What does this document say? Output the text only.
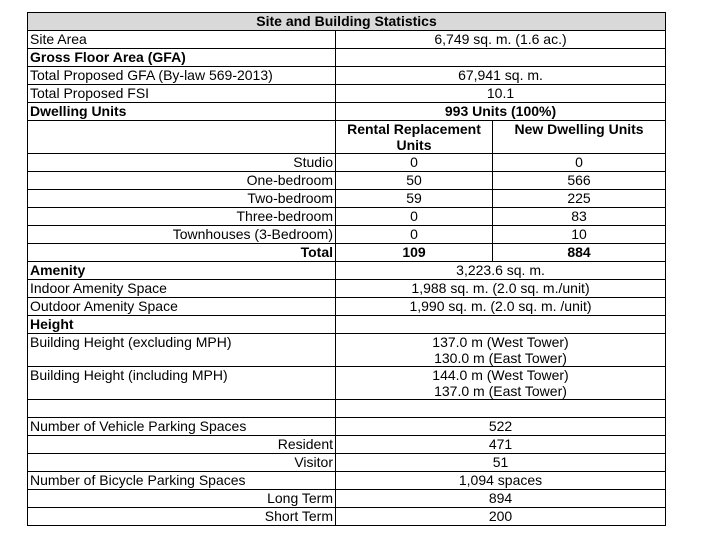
Site and Building Statistics		
Site Area	6,749 sq. m. (1.6 ac.)	
Gross Floor Area (GFA)		
Total Proposed GFA (By-law 569-2013)	67,941 sq. m.	
Total Proposed FSI	10.1	
Dwelling Units	993 Units (100%)	
	Rental Replacement Units	New Dwelling Units
Studio	0	0
One-bedroom	50	566
Two-bedroom	59	225
Three-bedroom	0	83
Townhouses (3-Bedroom)	0	10
Total	109	884
Amenity	3,223.6 sq. m.	
Indoor Amenity Space	1,988 sq. m. (2.0 sq. m./unit)	
Outdoor Amenity Space	1,990 sq. m. (2.0 sq. m. /unit)	
Height		
Building Height (excluding MPH)	137.0 m (West Tower)
130.0 m (East Tower)	

Building Height (including MPH)	144.0 m (West Tower)
137.0 m (East Tower)	

Number of Vehicle Parking Spaces	522	
Resident	471	
Visitor	51	
Number of Bicycle Parking Spaces	1,094 spaces	
Long Term	894	
Short Term	200	
